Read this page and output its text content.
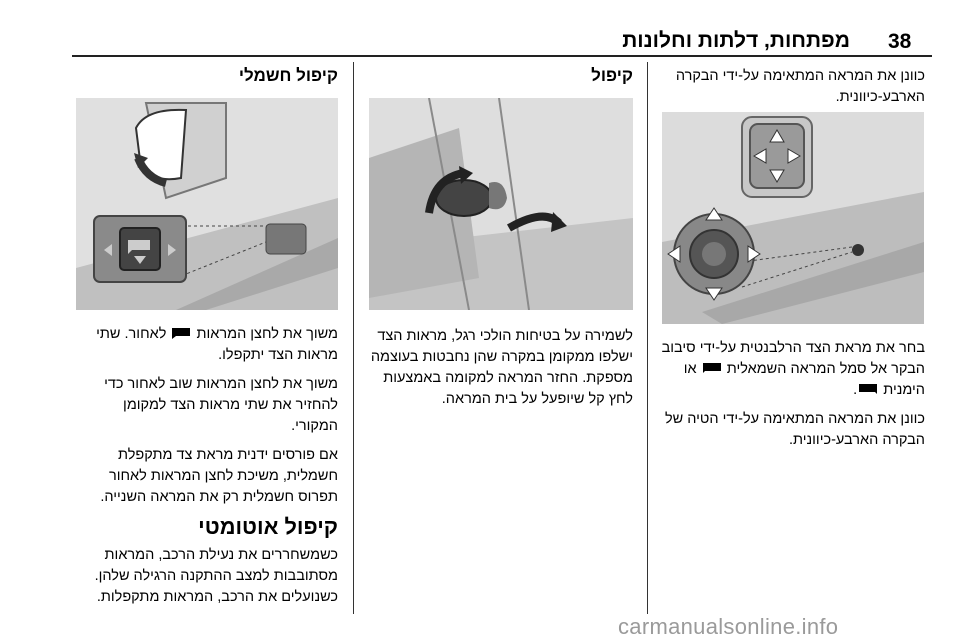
38
מפתחות, דלתות וחלונות

כוונן את המראה המתאימה על-ידי הבקרה הארבע-כיוונית.

בחר את מראת הצד הרלבנטית על-ידי סיבוב הבקר אל סמל המראה השמאלית  או הימנית .

כוונן את המראה המתאימה על-ידי הטיה של הבקרה הארבע-כיוונית.

קיפול

לשמירה על בטיחות הולכי רגל, מראות הצד ישלפו ממקומן במקרה שהן נחבטות בעוצמה מספקת. החזר המראה למקומה באמצעות לחץ קל שיופעל על בית המראה.

קיפול חשמלי

משוך את לחצן המראות  לאחור. שתי מראות הצד יתקפלו.

משוך את לחצן המראות שוב לאחור כדי להחזיר את שתי מראות הצד למקומן המקורי.

אם פורסים ידנית מראת צד מתקפלת חשמלית, משיכת לחצן המראות לאחור תפרוס חשמלית רק את המראה השנייה.

קיפול אוטומטי

כשמשחררים את נעילת הרכב, המראות מסתובבות למצב ההתקנה הרגילה שלהן. כשנועלים את הרכב, המראות מתקפלות.

carmanualsonline.info
